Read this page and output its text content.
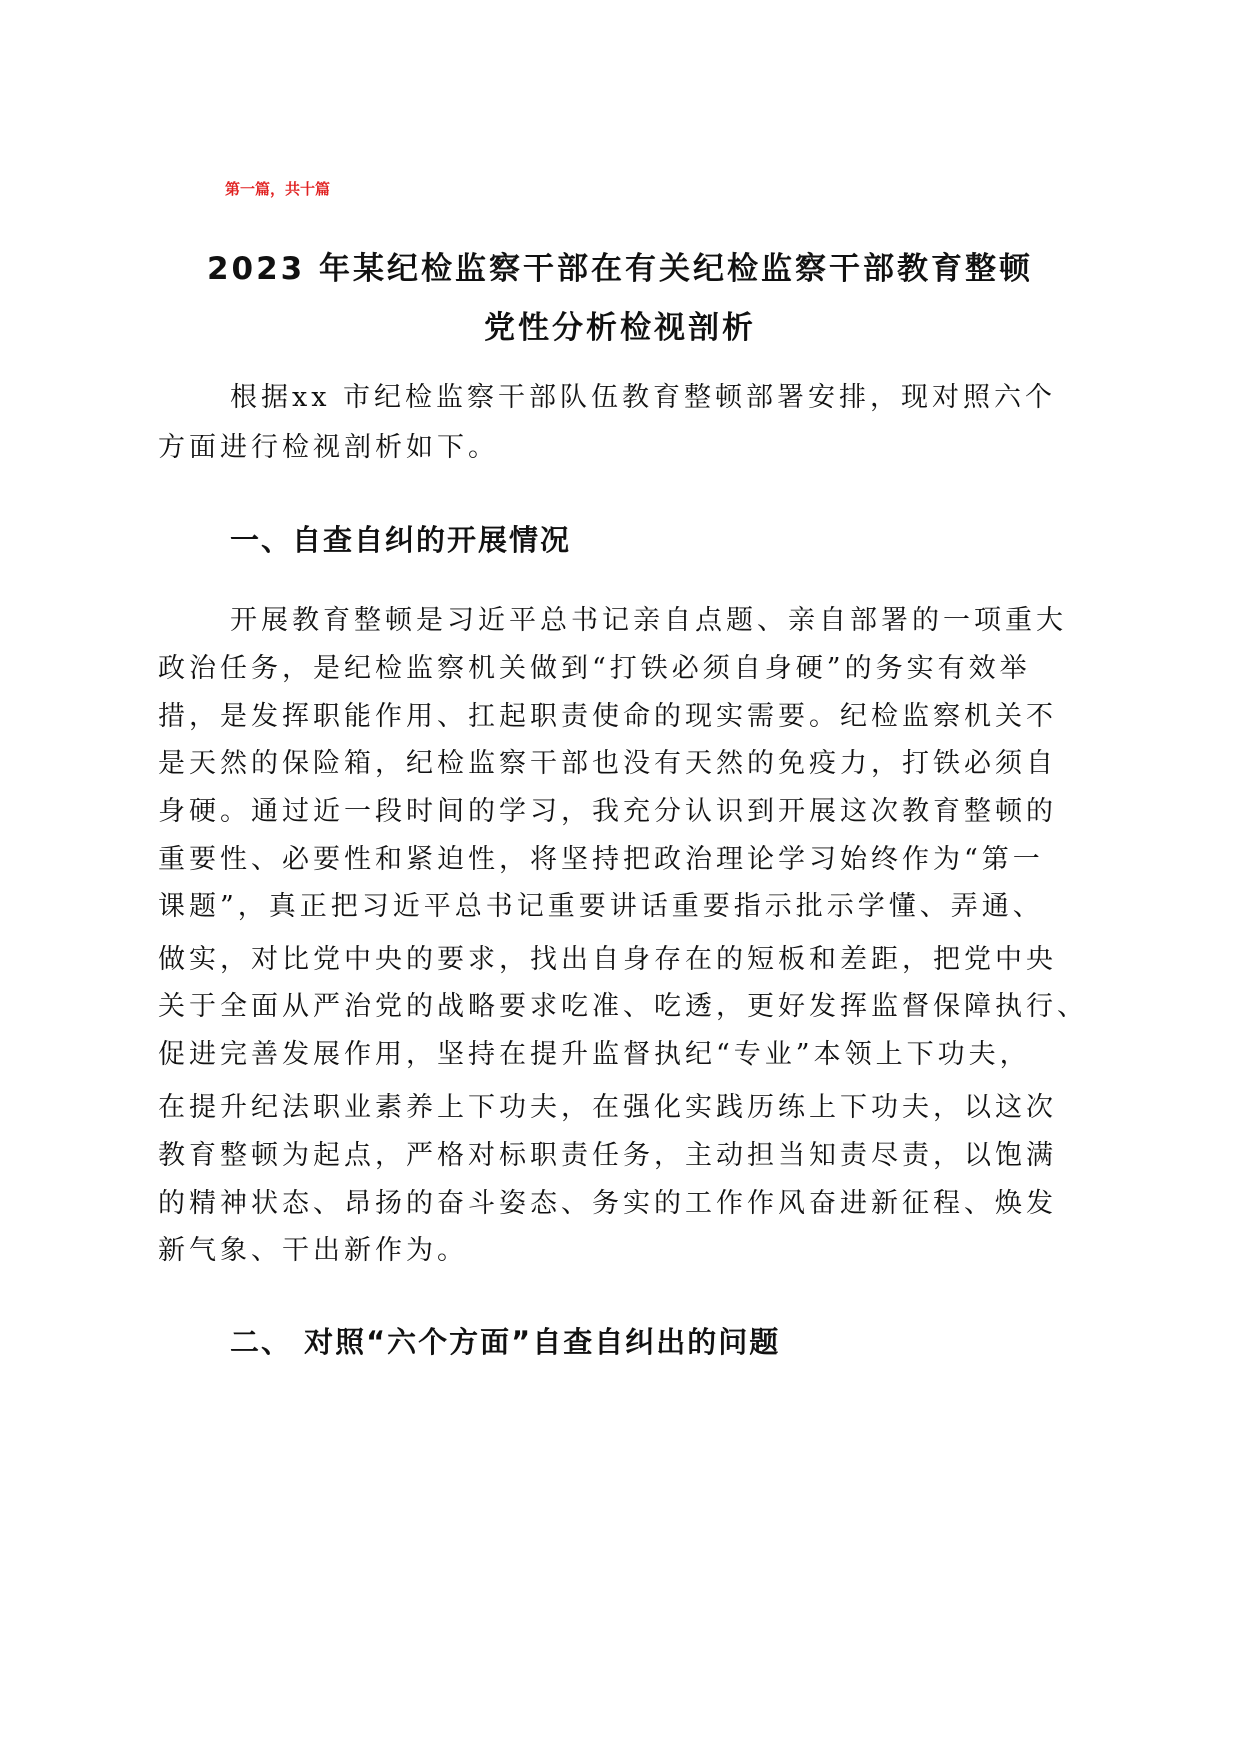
第一篇，共十篇
2023 年某纪检监察干部在有关纪检监察干部教育整顿
党性分析检视剖析
根据xx 市纪检监察干部队伍教育整顿部署安排，现对照六个
方面进行检视剖析如下。
一、自查自纠的开展情况
开展教育整顿是习近平总书记亲自点题、亲自部署的一项重大
政治任务，是纪检监察机关做到“打铁必须自身硬”的务实有效举
措，是发挥职能作用、扛起职责使命的现实需要。纪检监察机关不
是天然的保险箱，纪检监察干部也没有天然的免疫力，打铁必须自
身硬。通过近一段时间的学习，我充分认识到开展这次教育整顿的
重要性、必要性和紧迫性，将坚持把政治理论学习始终作为“第一
课题”，真正把习近平总书记重要讲话重要指示批示学懂、弄通、
做实，对比党中央的要求，找出自身存在的短板和差距，把党中央
关于全面从严治党的战略要求吃准、吃透，更好发挥监督保障执行、
促进完善发展作用，坚持在提升监督执纪“专业”本领上下功夫，
在提升纪法职业素养上下功夫，在强化实践历练上下功夫，以这次
教育整顿为起点，严格对标职责任务，主动担当知责尽责，以饱满
的精神状态、昂扬的奋斗姿态、务实的工作作风奋进新征程、焕发
新气象、干出新作为。
二、 对照“六个方面”自查自纠出的问题
